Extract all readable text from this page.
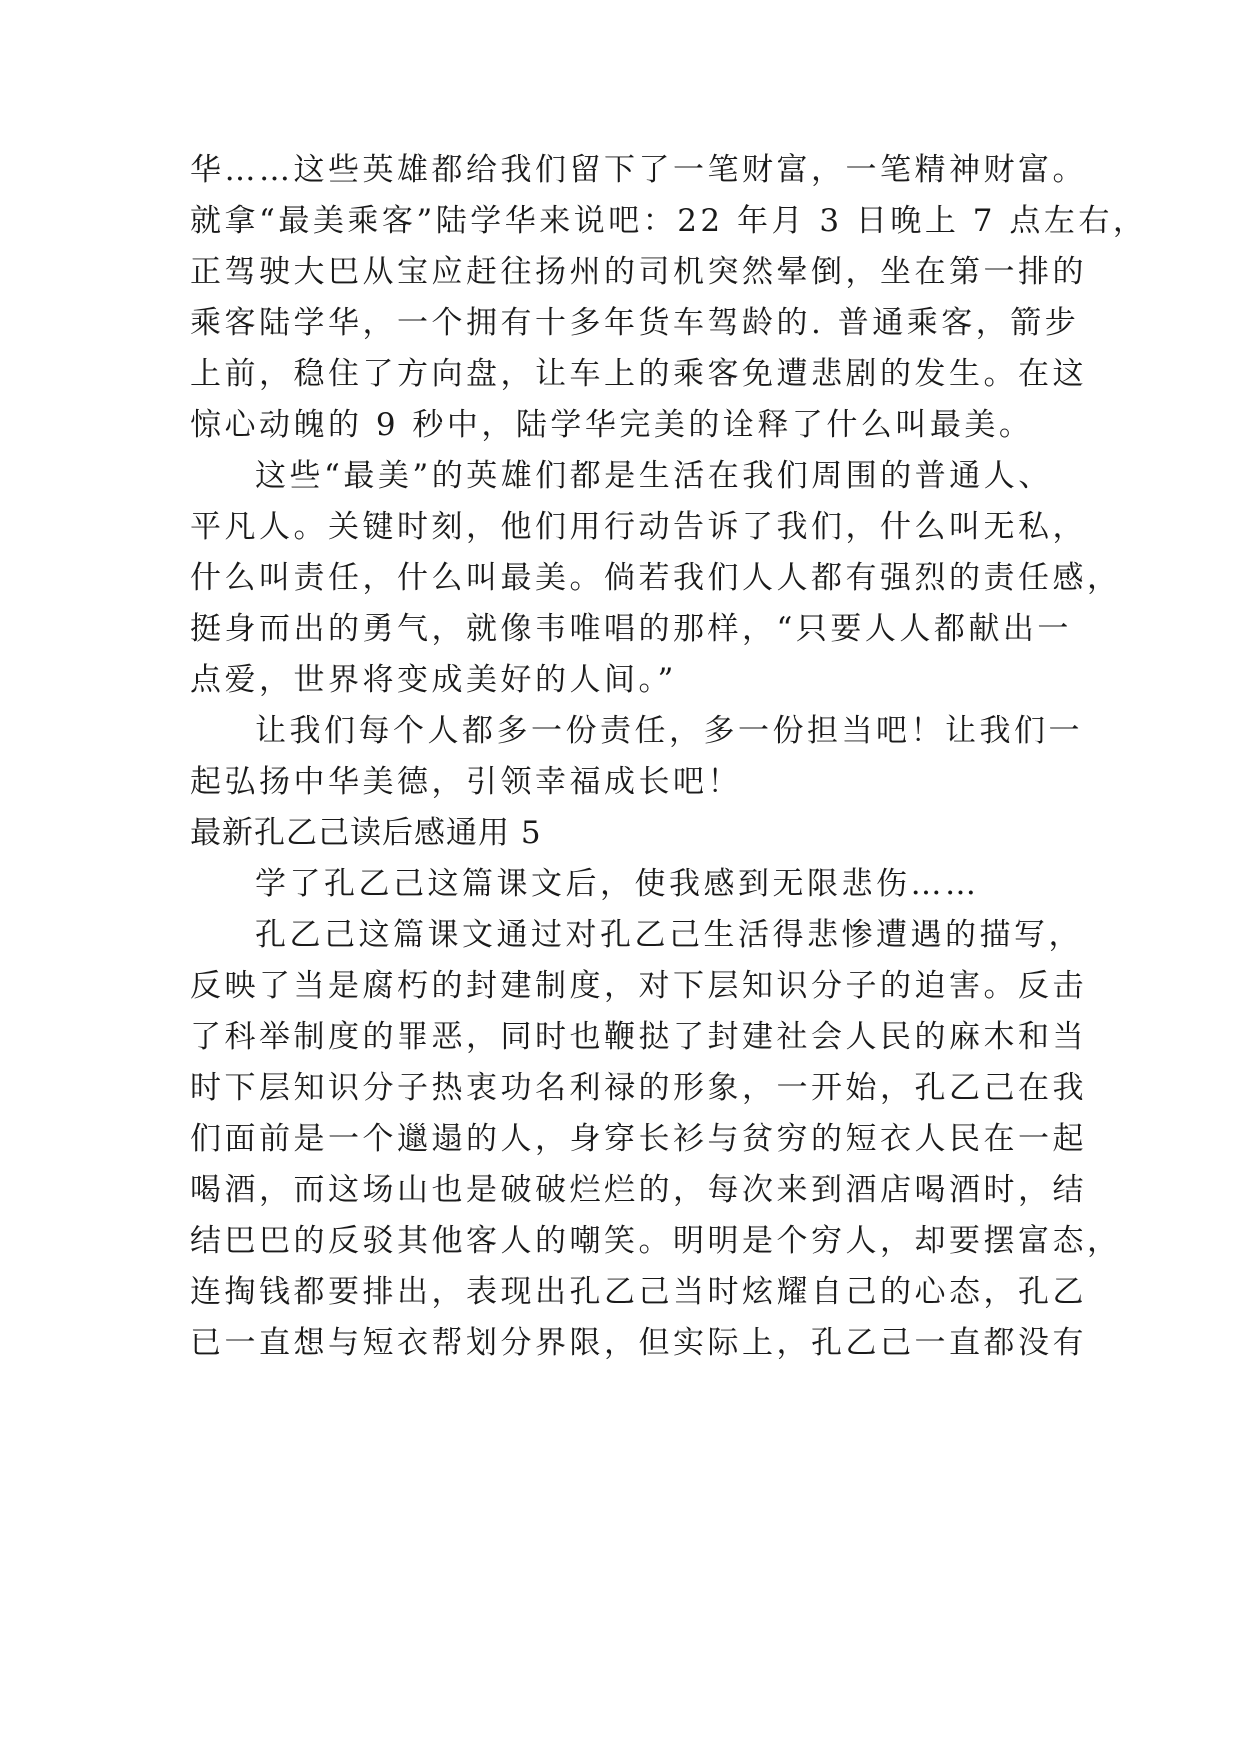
华……这些英雄都给我们留下了一笔财富，一笔精神财富。
就拿“最美乘客”陆学华来说吧：22 年月 3 日晚上 7 点左右，
正驾驶大巴从宝应赶往扬州的司机突然晕倒，坐在第一排的
乘客陆学华，一个拥有十多年货车驾龄的. 普通乘客，箭步
上前，稳住了方向盘，让车上的乘客免遭悲剧的发生。在这
惊心动魄的 9 秒中，陆学华完美的诠释了什么叫最美。
这些“最美”的英雄们都是生活在我们周围的普通人、
平凡人。关键时刻，他们用行动告诉了我们，什么叫无私，
什么叫责任，什么叫最美。倘若我们人人都有强烈的责任感，
挺身而出的勇气，就像韦唯唱的那样，“只要人人都献出一
点爱，世界将变成美好的人间。”
让我们每个人都多一份责任，多一份担当吧！让我们一
起弘扬中华美德，引领幸福成长吧！
最新孔乙己读后感通用 5
学了孔乙己这篇课文后，使我感到无限悲伤……
孔乙己这篇课文通过对孔乙己生活得悲惨遭遇的描写，
反映了当是腐朽的封建制度，对下层知识分子的迫害。反击
了科举制度的罪恶，同时也鞭挞了封建社会人民的麻木和当
时下层知识分子热衷功名利禄的形象，一开始，孔乙己在我
们面前是一个邋遢的人，身穿长衫与贫穷的短衣人民在一起
喝酒，而这场山也是破破烂烂的，每次来到酒店喝酒时，结
结巴巴的反驳其他客人的嘲笑。明明是个穷人，却要摆富态，
连掏钱都要排出，表现出孔乙己当时炫耀自己的心态，孔乙
已一直想与短衣帮划分界限，但实际上，孔乙己一直都没有
